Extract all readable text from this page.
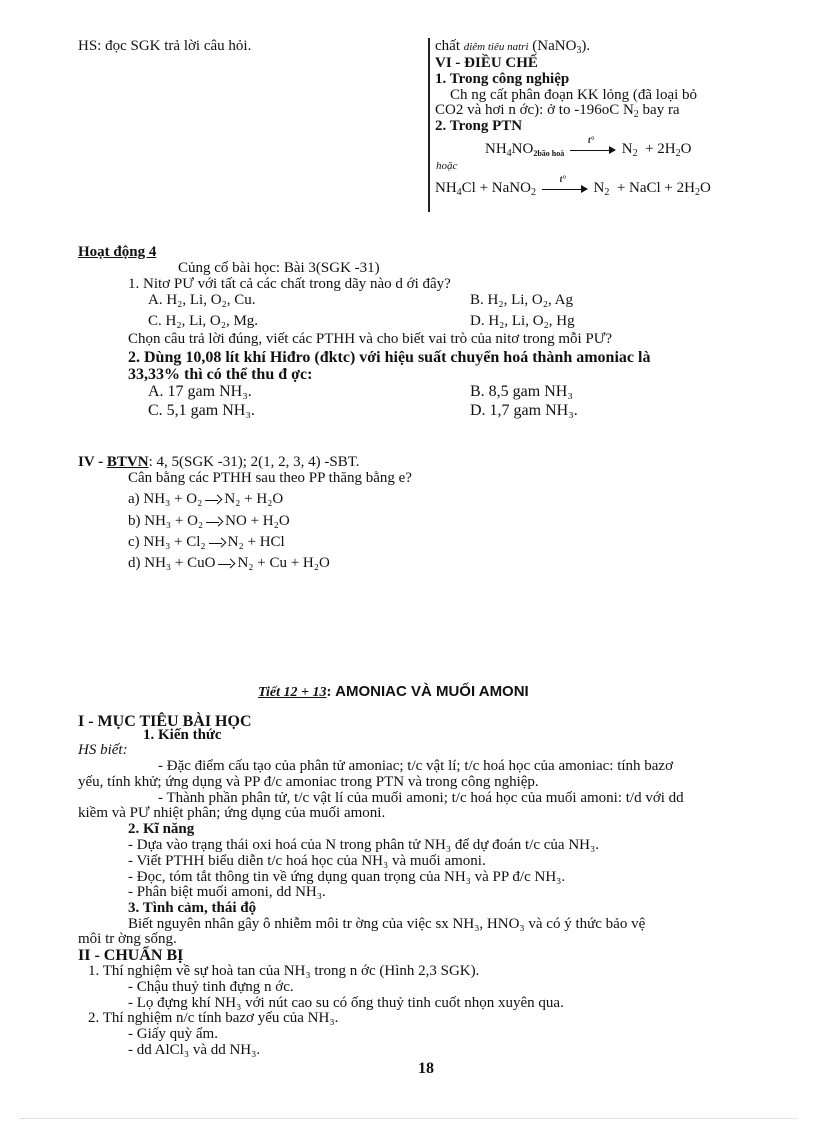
HS: đọc SGK trả lời câu hỏi.	chất diêm tiêu natri (NaNO$_3$).
VI - ĐIỀU CHẾ
1. Trong công nghiệp
Ch ng cất phân đoạn KK lỏng (đã loại bỏ
CO2 và hơi n ớc): ở to -196oC $N_2$ bay ra
2. Trong PTN
$NH_4NO_{2bão hoà}$
t°
$N_2 + 2H_2O$
hoặc
$NH_4Cl$ + NaNO$_2$
t°
$N_2$ + NaCl + $2H_2O$
Hoạt động 4
Củng cố bài học: Bài 3(SGK -31)
1. Nitơ PƯ với tất cả các chất trong dãy nào d ới đây?
A. H₂, Li, O₂, Cu.	B. H₂, Li, O₂, Ag
C. H₂, Li, O₂, Mg.	D. H₂, Li, O₂, Hg
Chọn câu trả lời đúng, viết các PTHH và cho biết vai trò của nitơ trong mỗi PƯ?
2. Dùng 10,08 lít khí Hiđro (đktc) với hiệu suất chuyển hoá thành amoniac là
33,33% thì có thể thu đ ợc:
A. 17 gam NH₃.	B. 8,5 gam NH₃
C. 5,1 gam NH₃.	D. 1,7 gam NH₃.
IV - BTVN: 4, 5(SGK -31); 2(1, 2, 3, 4) -SBT.
Cân bằng các PTHH sau theo PP thăng bằng e?
a) NH₃ + O₂ N₂ + H₂O
b) NH₃ + O₂ NO + H₂O
c) NH₃ + Cl₂ N₂ + HCl
d) NH₃ + CuO N₂ + Cu + H₂O
Tiết 12 + 13: AMONIAC VÀ MUỐI AMONI
I - MỤC TIÊU BÀI HỌC
1. Kiến thức
HS biết:
- Đặc điểm cấu tạo của phân tử amoniac; t/c vật lí; t/c hoá học của amoniac: tính bazơ
yếu, tính khử; ứng dụng và PP đ/c amoniac trong PTN và trong công nghiệp.
- Thành phần phân tử, t/c vật lí của muối amoni; t/c hoá học của muối amoni: t/d với dd
kiềm và PƯ nhiệt phân; ứng dụng của muối amoni.
2. Kĩ năng
- Dựa vào trạng thái oxi hoá của N trong phân tử NH₃ để dự đoán t/c của NH₃.
- Viết PTHH biểu diễn t/c hoá học của NH₃ và muối amoni.
- Đọc, tóm tắt thông tin về ứng dụng quan trọng của NH₃ và PP đ/c NH₃.
- Phân biệt muối amoni, dd NH₃.
3. Tình cảm, thái độ
Biết nguyên nhân gây ô nhiễm môi tr ờng của việc sx NH₃, HNO₃ và có ý thức bảo vệ
môi tr ờng sống.
II - CHUẨN BỊ
1. Thí nghiệm về sự hoà tan của NH₃ trong n ớc (Hình 2,3 SGK).
- Chậu thuỷ tinh đựng n ớc.
- Lọ đựng khí NH₃ với nút cao su có ống thuỷ tinh cuốt nhọn xuyên qua.
2. Thí nghiệm n/c tính bazơ yếu của NH₃.
- Giấy quỳ ẩm.
- dd AlCl₃ và dd NH₃.
18
